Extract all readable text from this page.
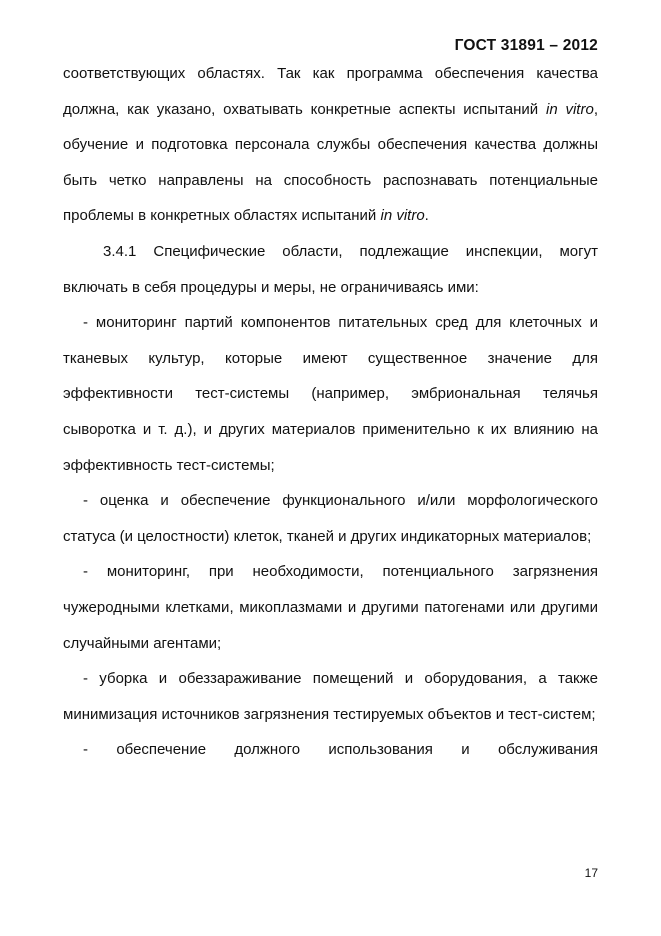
ГОСТ 31891 – 2012

соответствующих областях. Так как программа обеспечения качества должна, как указано, охватывать конкретные аспекты испытаний in vitro, обучение и подготовка персонала службы обеспечения качества должны быть четко направлены на способность распознавать потенциальные проблемы в конкретных областях испытаний in vitro.

3.4.1 Специфические области, подлежащие инспекции, могут включать в себя процедуры и меры, не ограничиваясь ими:

- мониторинг партий компонентов питательных сред для клеточных и тканевых культур, которые имеют существенное значение для эффективности тест-системы (например, эмбриональная телячья сыворотка и т. д.), и других материалов применительно к их влиянию на эффективность тест-системы;

- оценка и обеспечение функционального и/или морфологического статуса (и целостности) клеток, тканей и других индикаторных материалов;

- мониторинг, при необходимости, потенциального загрязнения чужеродными клетками, микоплазмами и другими патогенами или другими случайными агентами;

- уборка и обеззараживание помещений и оборудования, а также минимизация источников загрязнения тестируемых объектов и тест-систем;

- обеспечение должного использования и обслуживания

17
